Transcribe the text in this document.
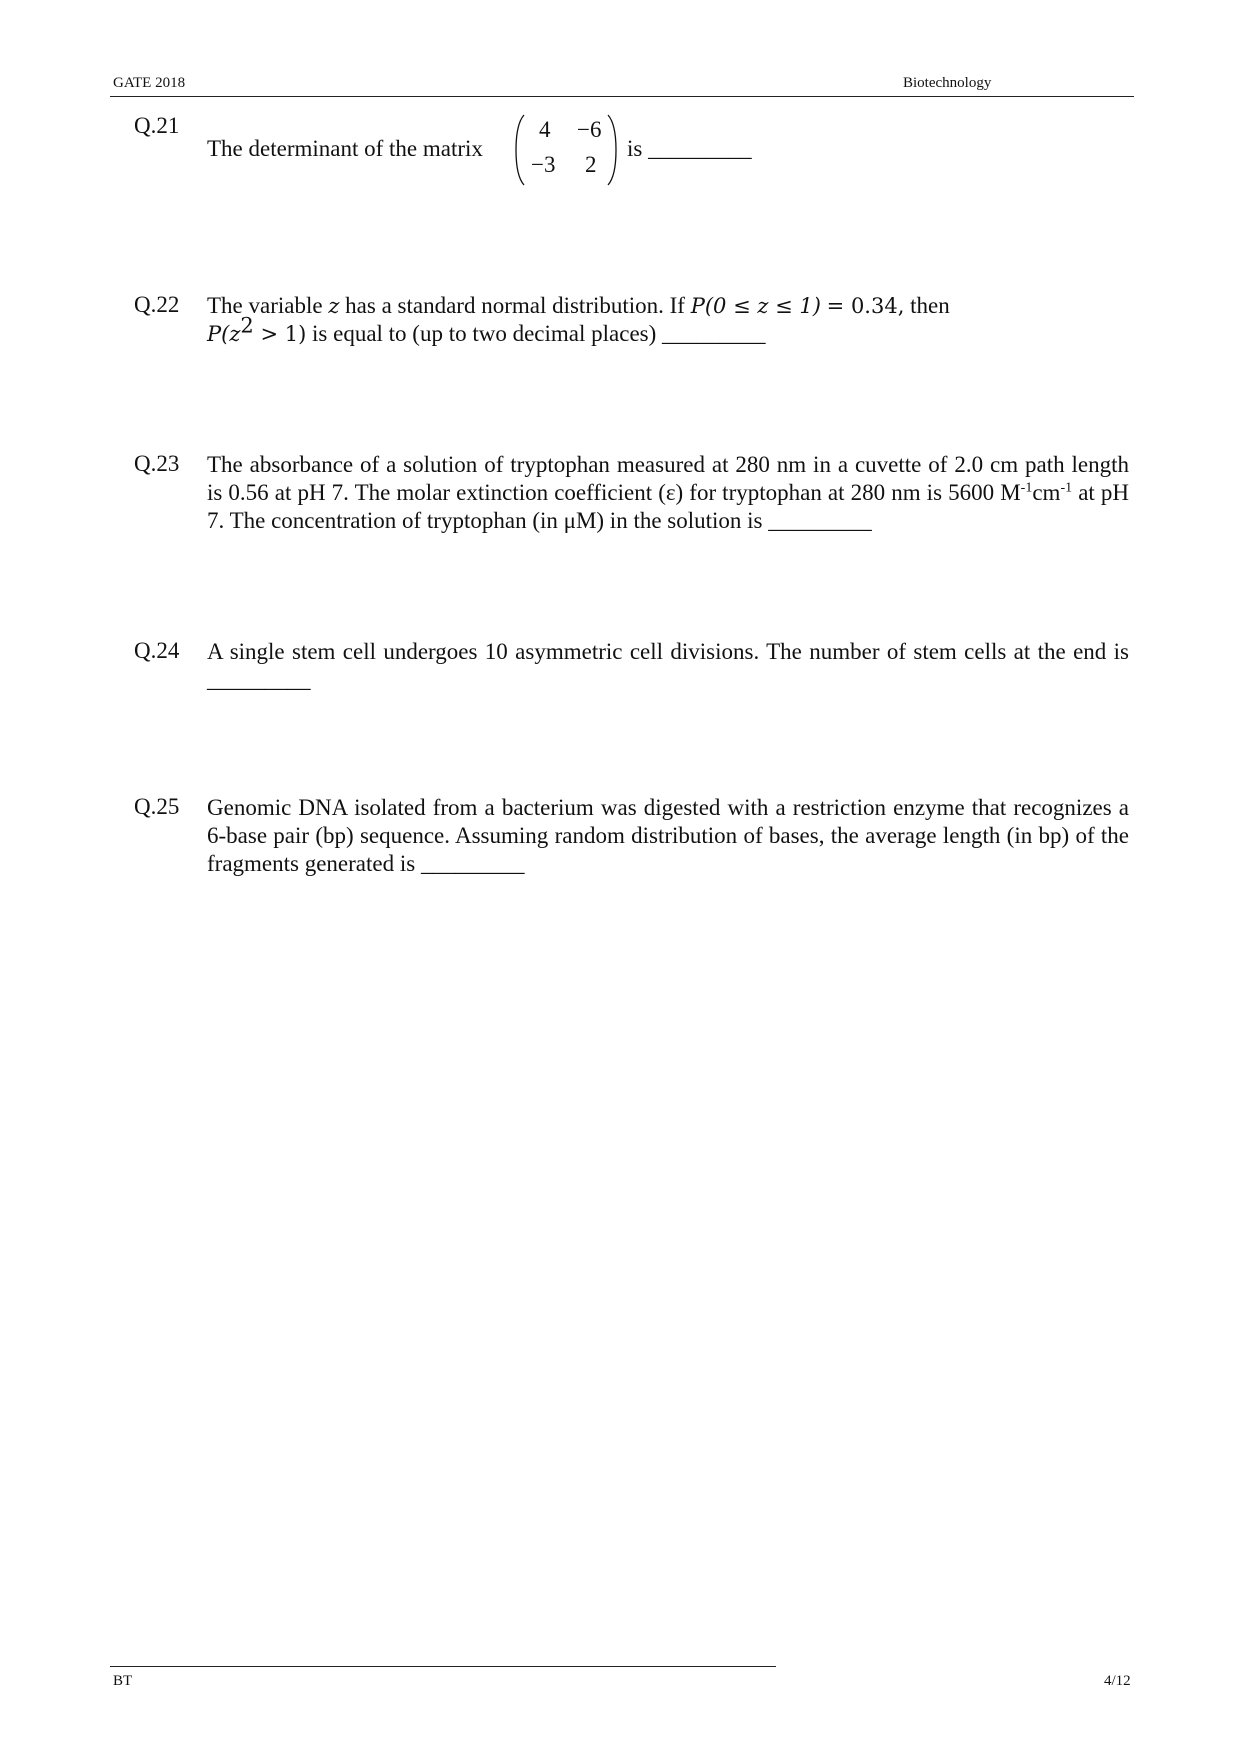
GATE 2018	Biotechnology
Q.21
The determinant of the matrix
4 −6
−3 2
is _________
Q.22 The variable z has a standard normal distribution. If P(0 ≤ z ≤ 1) = 0.34, then
$P(z^2 > 1)$ is equal to (up to two decimal places) _________
Q.23 The absorbance of a solution of tryptophan measured at 280 nm in a cuvette of 2.0 cm path length is 0.56 at pH 7. The molar extinction coefficient (ε) for tryptophan at 280 nm is 5600 $M^{-1}cm^{-1}$ at pH 7. The concentration of tryptophan (in μM) in the solution is _________
Q.24 A single stem cell undergoes 10 asymmetric cell divisions. The number of stem cells at the end is _________
Q.25 Genomic DNA isolated from a bacterium was digested with a restriction enzyme that recognizes a 6-base pair (bp) sequence. Assuming random distribution of bases, the average length (in bp) of the fragments generated is _________
BT	4/12
